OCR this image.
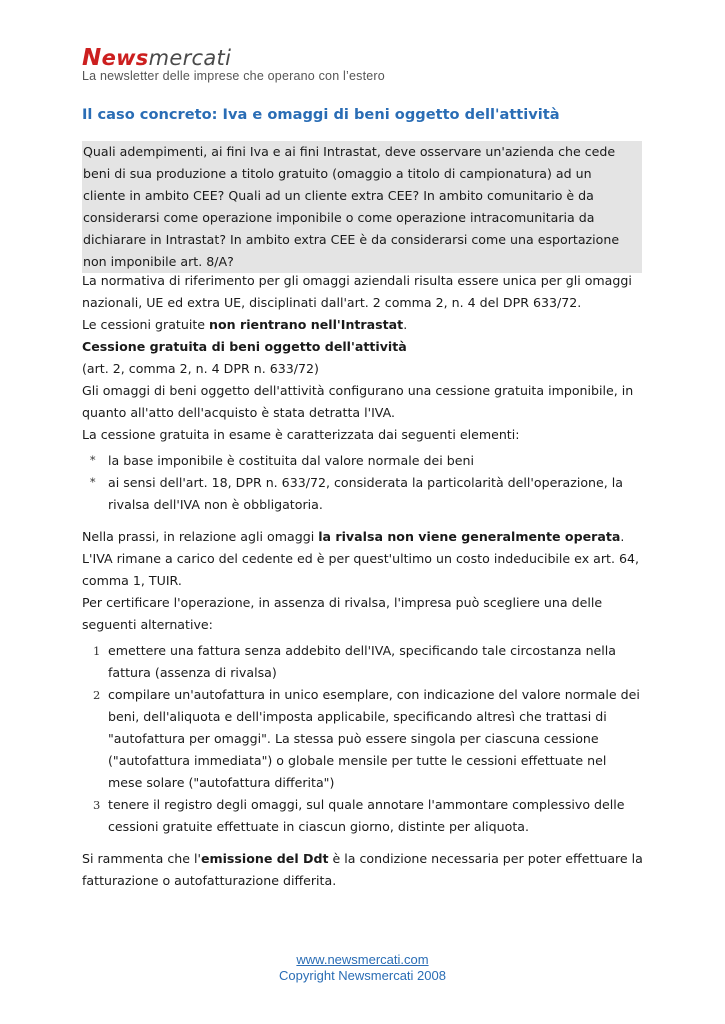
Newsmercati
La newsletter delle imprese che operano con l’estero
Il caso concreto: Iva e omaggi di beni oggetto dell'attività

Quali adempimenti, ai fini Iva e ai fini Intrastat, deve osservare un'azienda che cede beni di sua produzione a titolo gratuito (omaggio a titolo di campionatura) ad un cliente in ambito CEE? Quali ad un cliente extra CEE? In ambito comunitario è da considerarsi come operazione imponibile o come operazione intracomunitaria da dichiarare in Intrastat? In ambito extra CEE è da considerarsi come una esportazione non imponibile art. 8/A?

La normativa di riferimento per gli omaggi aziendali risulta essere unica per gli omaggi nazionali, UE ed extra UE, disciplinati dall'art. 2 comma 2, n. 4 del DPR 633/72.

Le cessioni gratuite non rientrano nell'Intrastat.

Cessione gratuita di beni oggetto dell'attività

(art. 2, comma 2, n. 4 DPR n. 633/72)

Gli omaggi di beni oggetto dell'attività configurano una cessione gratuita imponibile, in quanto all'atto dell'acquisto è stata detratta l'IVA.

La cessione gratuita in esame è caratterizzata dai seguenti elementi:

* la base imponibile è costituita dal valore normale dei beni
* ai sensi dell'art. 18, DPR n. 633/72, considerata la particolarità dell'operazione, la rivalsa dell'IVA non è obbligatoria.

Nella prassi, in relazione agli omaggi la rivalsa non viene generalmente operata.

L'IVA rimane a carico del cedente ed è per quest'ultimo un costo indeducibile ex art. 64, comma 1, TUIR.

Per certificare l'operazione, in assenza di rivalsa, l'impresa può scegliere una delle seguenti alternative:

1 emettere una fattura senza addebito dell'IVA, specificando tale circostanza nella fattura (assenza di rivalsa)
2 compilare un'autofattura in unico esemplare, con indicazione del valore normale dei beni, dell'aliquota e dell'imposta applicabile, specificando altresì che trattasi di "autofattura per omaggi". La stessa può essere singola per ciascuna cessione ("autofattura immediata") o globale mensile per tutte le cessioni effettuate nel mese solare ("autofattura differita")
3 tenere il registro degli omaggi, sul quale annotare l'ammontare complessivo delle cessioni gratuite effettuate in ciascun giorno, distinte per aliquota.

Si rammenta che l'emissione del Ddt è la condizione necessaria per poter effettuare la fatturazione o autofatturazione differita.

www.newsmercati.com
Copyright Newsmercati 2008
